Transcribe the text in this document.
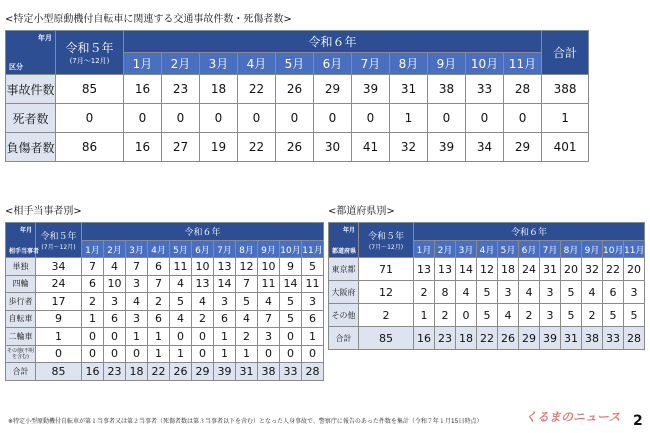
<特定小型原動機付自転車に関連する交通事故件数・死傷者数>
年月
区分	令和５年
(7月～12月)	令和６年											合計
		1月	2月	3月	4月	5月	6月	7月	8月	9月	10月	11月	
事故件数	85	16	23	18	22	26	29	39	31	38	33	28	388
死者数	0	0	0	0	0	0	0	0	1	0	0	0	1
負傷者数	86	16	27	19	22	26	30	41	32	39	34	29	401
<相手当事者別>
年月
相手当事者	令和５年
(7月～12月)	令和６年										
		1月	2月	3月	4月	5月	6月	7月	8月	9月	10月	11月
単独	34	7	4	7	6	11	10	13	12	10	9	5
四輪	24	6	10	3	7	4	13	14	7	11	14	11
歩行者	17	2	3	4	2	5	4	3	5	4	5	3
自転車	9	1	6	3	6	4	2	6	4	7	5	6
二輪車	1	0	0	1	1	0	0	1	2	3	0	1
その他(不明を含む)	0	0	0	0	1	1	0	1	1	0	0	0
合計	85	16	23	18	22	26	29	39	31	38	33	28
<都道府県別>
年月
都道府県	令和５年
(7月～12月)	令和６年										
		1月	2月	3月	4月	5月	6月	7月	8月	9月	10月	11月
東京都	71	13	13	14	12	18	24	31	20	32	22	20
大阪府	12	2	8	4	5	3	4	3	5	4	6	3
その他	2	1	2	0	5	4	2	3	5	2	5	5
合計	85	16	23	18	22	26	29	39	31	38	33	28
※特定小型原動機付自転車が第１当事者又は第２当事者（死傷者数は第３当事者以下を含む）となった人身事故で、警察庁に報告のあった件数を集計（令和７年１月15日時点）	くるまのニュース 2
